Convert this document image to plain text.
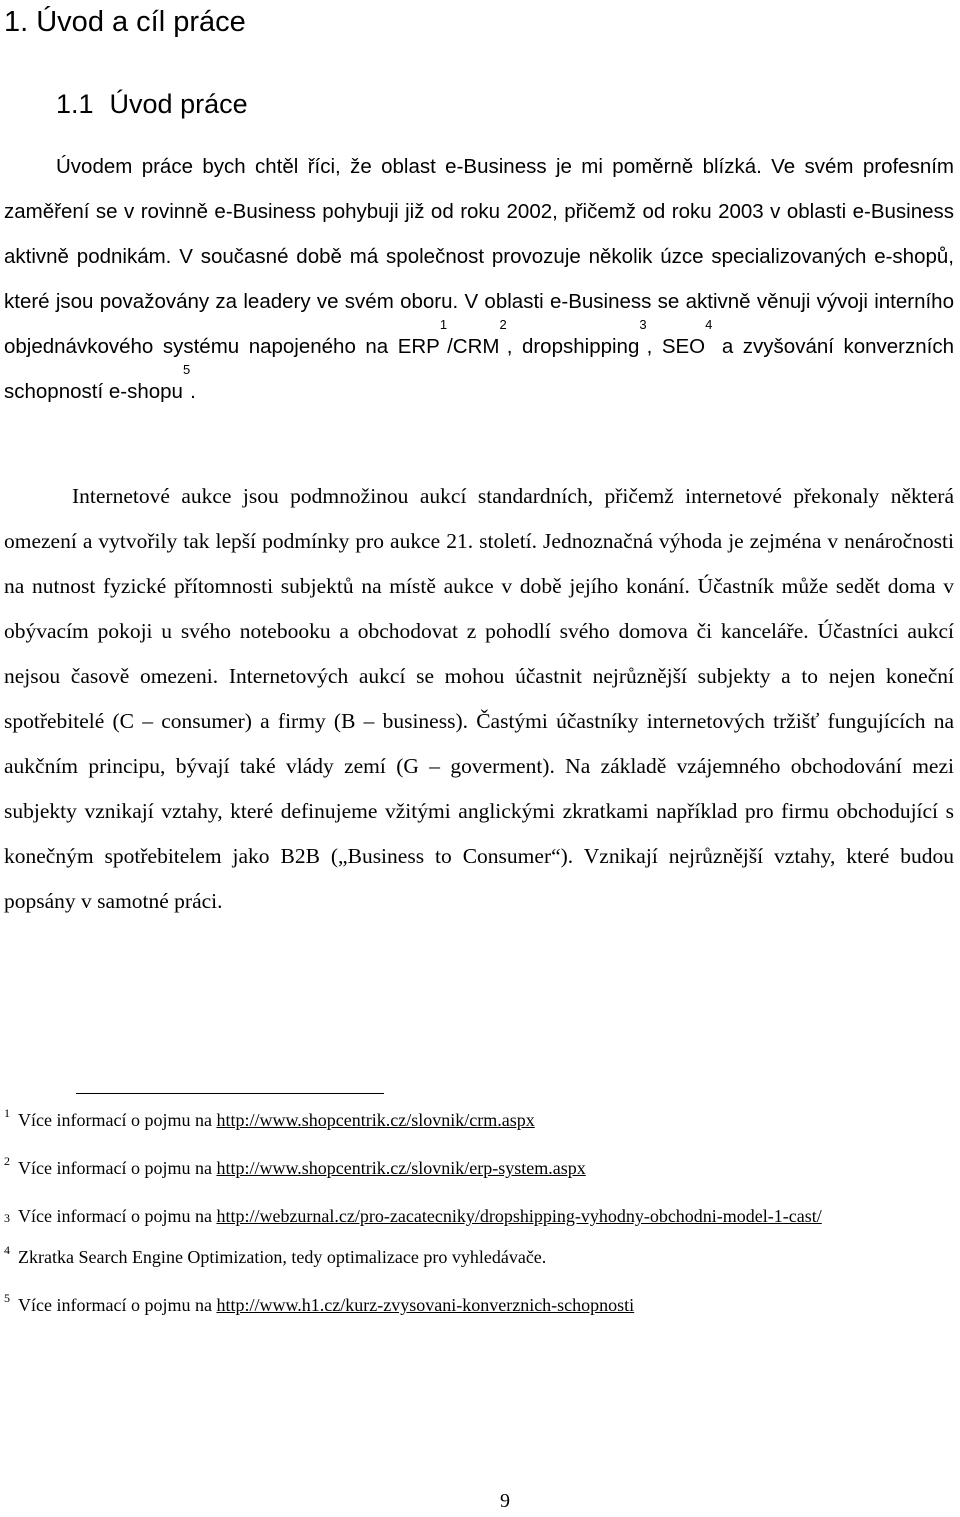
1. Úvod a cíl práce
1.1 Úvod práce

Úvodem práce bych chtěl říci, že oblast e-Business je mi poměrně blízká. Ve svém profesním zaměření se v rovinně e-Business pohybuji již od roku 2002, přičemž od roku 2003 v oblasti e-Business aktivně podnikám. V současné době má společnost provozuje několik úzce specializovaných e-shopů, které jsou považovány za leadery ve svém oboru. V oblasti e-Business se aktivně věnuji vývoji interního objednávkového systému napojeného na ERP$^1$/CRM$^2$, dropshipping$^3$, SEO$^4$ a zvyšování konverzních schopností e-shopu$^5$.

Internetové aukce jsou podmnožinou aukcí standardních, přičemž internetové překonaly některá omezení a vytvořily tak lepší podmínky pro aukce 21. století. Jednoznačná výhoda je zejména v nenáročnosti na nutnost fyzické přítomnosti subjektů na místě aukce v době jejího konání. Účastník může sedět doma v obývacím pokoji u svého notebooku a obchodovat z pohodlí svého domova či kanceláře. Účastníci aukcí nejsou časově omezeni. Internetových aukcí se mohou účastnit nejrůznější subjekty a to nejen koneční spotřebitelé (C – consumer) a firmy (B – business). Častými účastníky internetových tržišť fungujících na aukčním principu, bývají také vlády zemí (G – goverment). Na základě vzájemného obchodování mezi subjekty vznikají vztahy, které definujeme vžitými anglickými zkratkami například pro firmu obchodující s konečným spotřebitelem jako B2B („Business to Consumer“). Vznikají nejrůznější vztahy, které budou popsány v samotné práci.

1 Více informací o pojmu na http://www.shopcentrik.cz/slovnik/crm.aspx
2 Více informací o pojmu na http://www.shopcentrik.cz/slovnik/erp-system.aspx
3 Více informací o pojmu na http://webzurnal.cz/pro-zacatecniky/dropshipping-vyhodny-obchodni-model-1-cast/
4 Zkratka Search Engine Optimization, tedy optimalizace pro vyhledávače.
5 Více informací o pojmu na http://www.h1.cz/kurz-zvysovani-konverznich-schopnosti
9
